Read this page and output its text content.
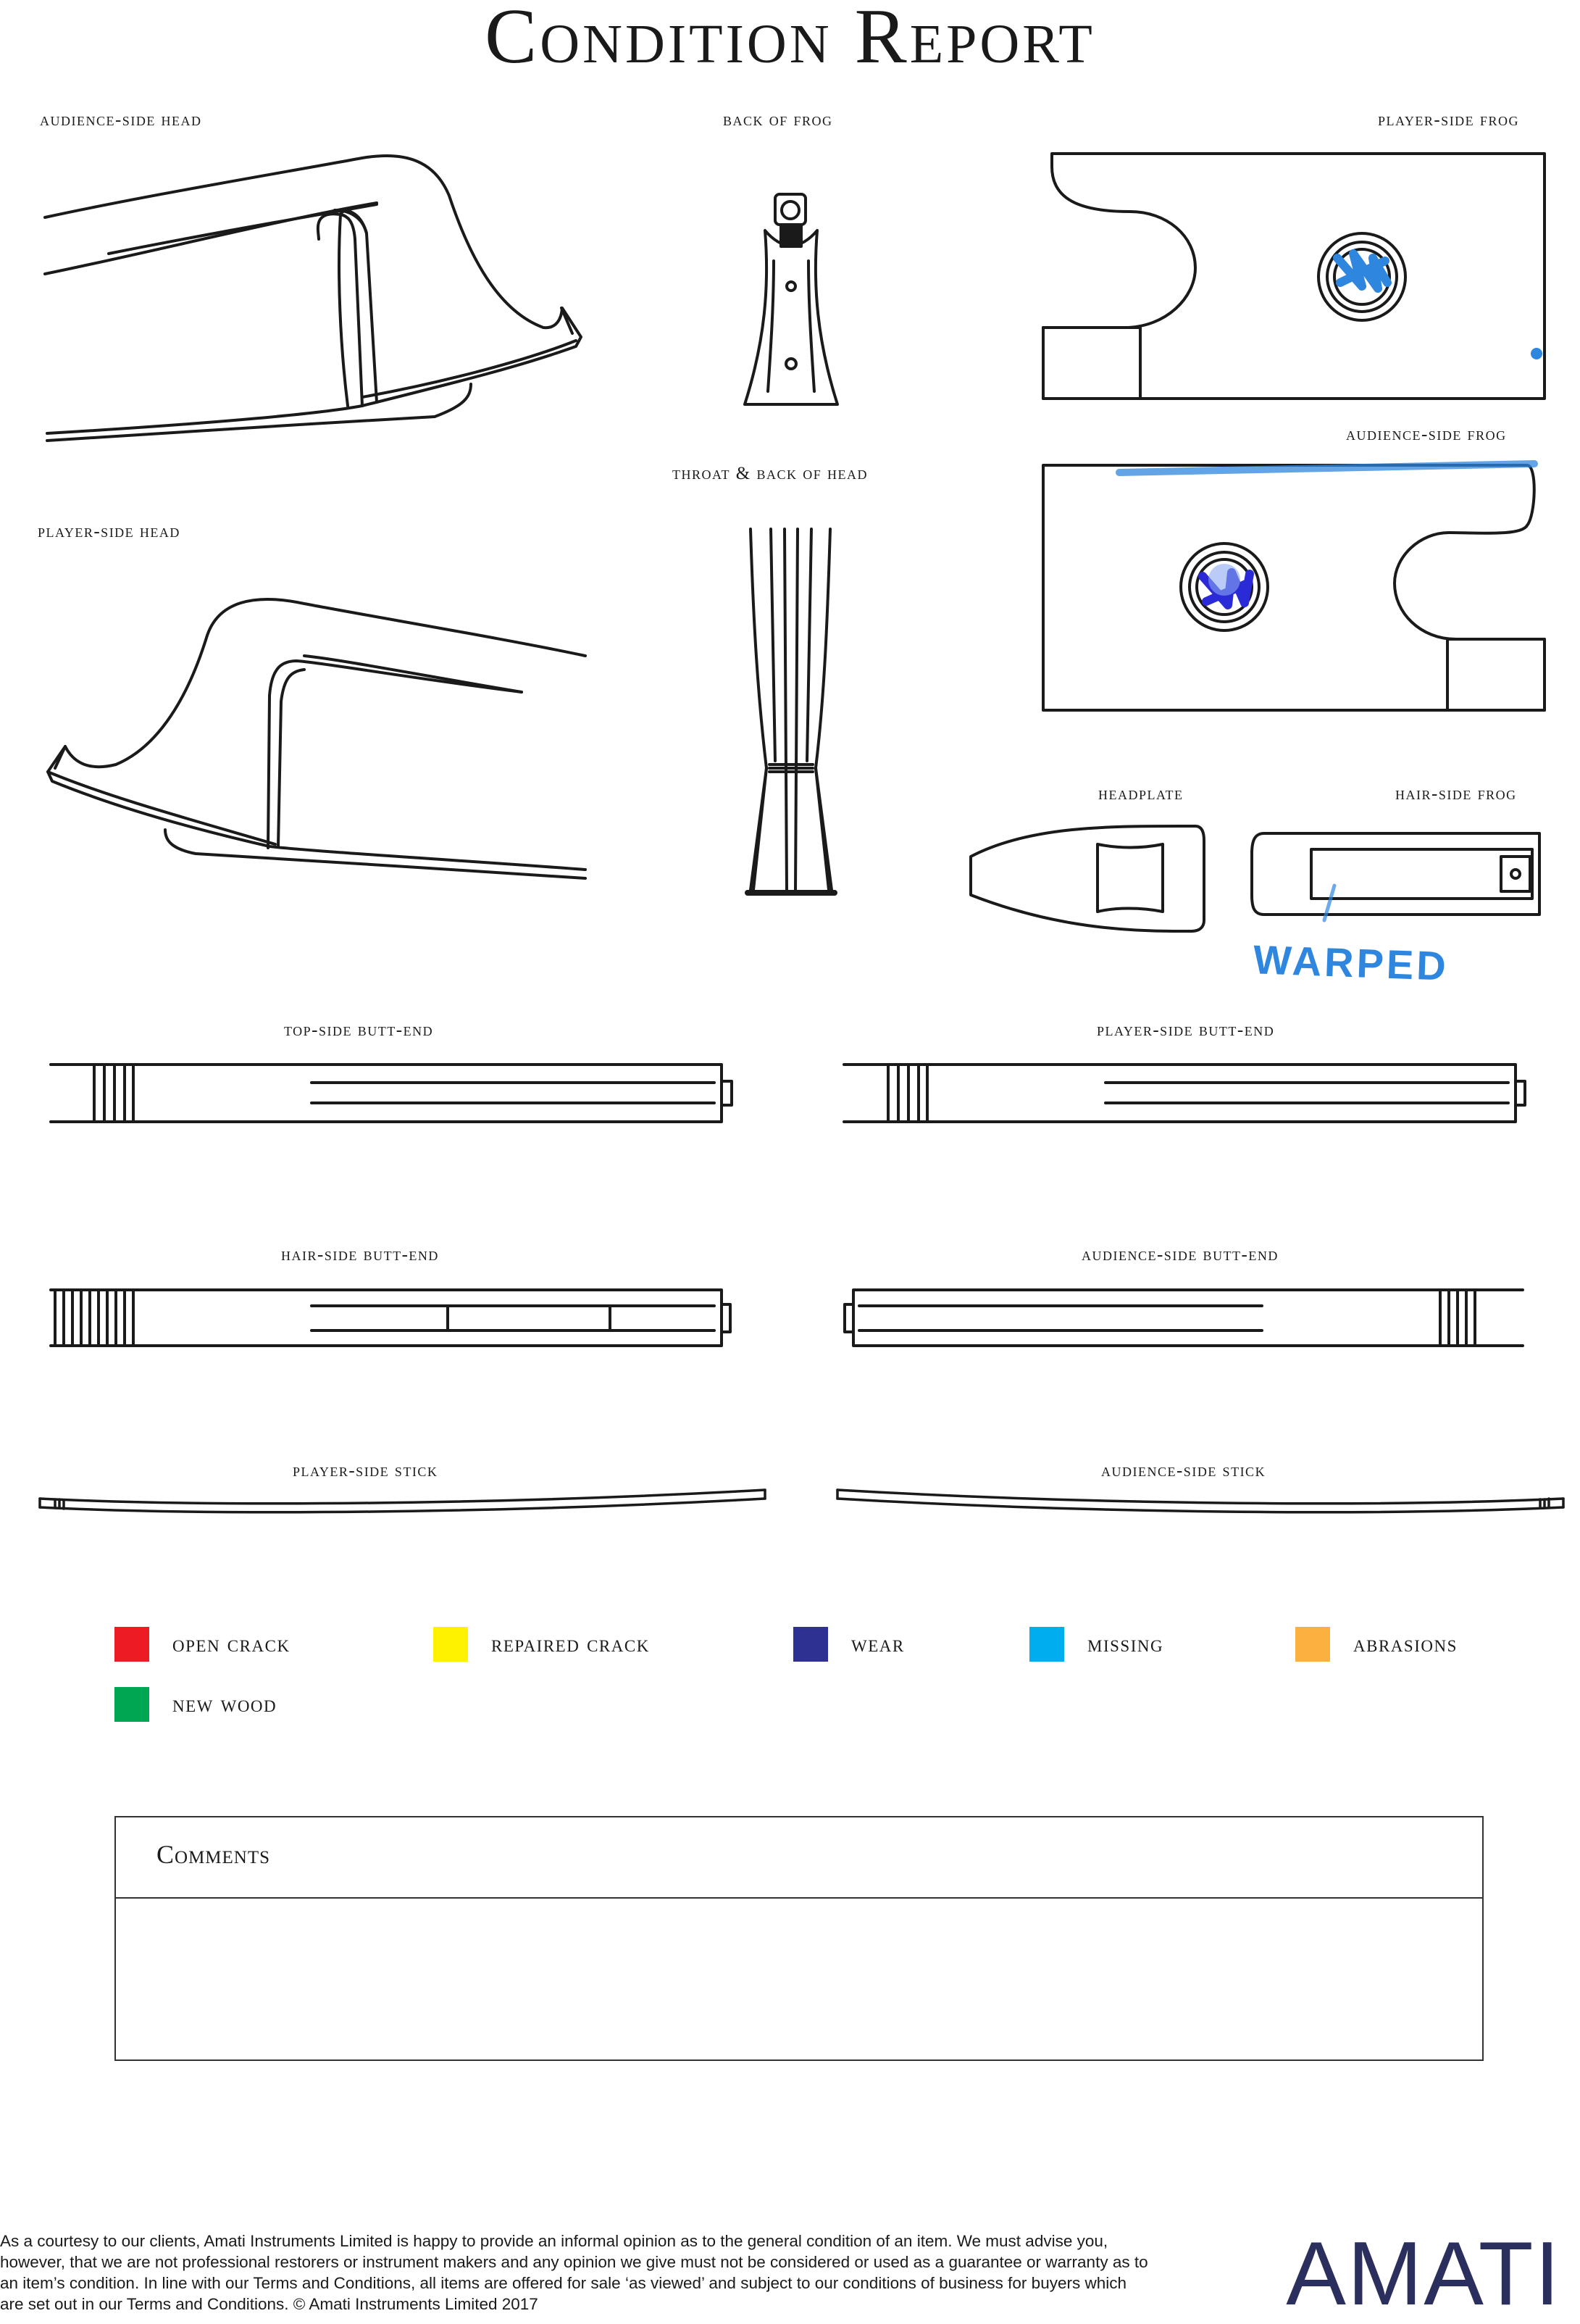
Condition Report
audience-side head	back of frog	player-side frog
throat & back of head
audience-side frog
player-side head
headplate	hair-side frog
top-side butt-end	player-side butt-end
hair-side butt-end	audience-side butt-end
player-side stick	audience-side stick
WARPED
open crack	repaired crack	wear	missing	abrasions
new wood
Comments
As a courtesy to our clients, Amati Instruments Limited is happy to provide an informal opinion as to the general condition of an item. We must advise you, however, that we are not professional restorers or instrument makers and any opinion we give must not be considered or used as a guarantee or warranty as to an item’s condition. In line with our Terms and Conditions, all items are offered for sale ‘as viewed’ and subject to our conditions of business for buyers which are set out in our Terms and Conditions. © Amati Instruments Limited 2017	AMATI
